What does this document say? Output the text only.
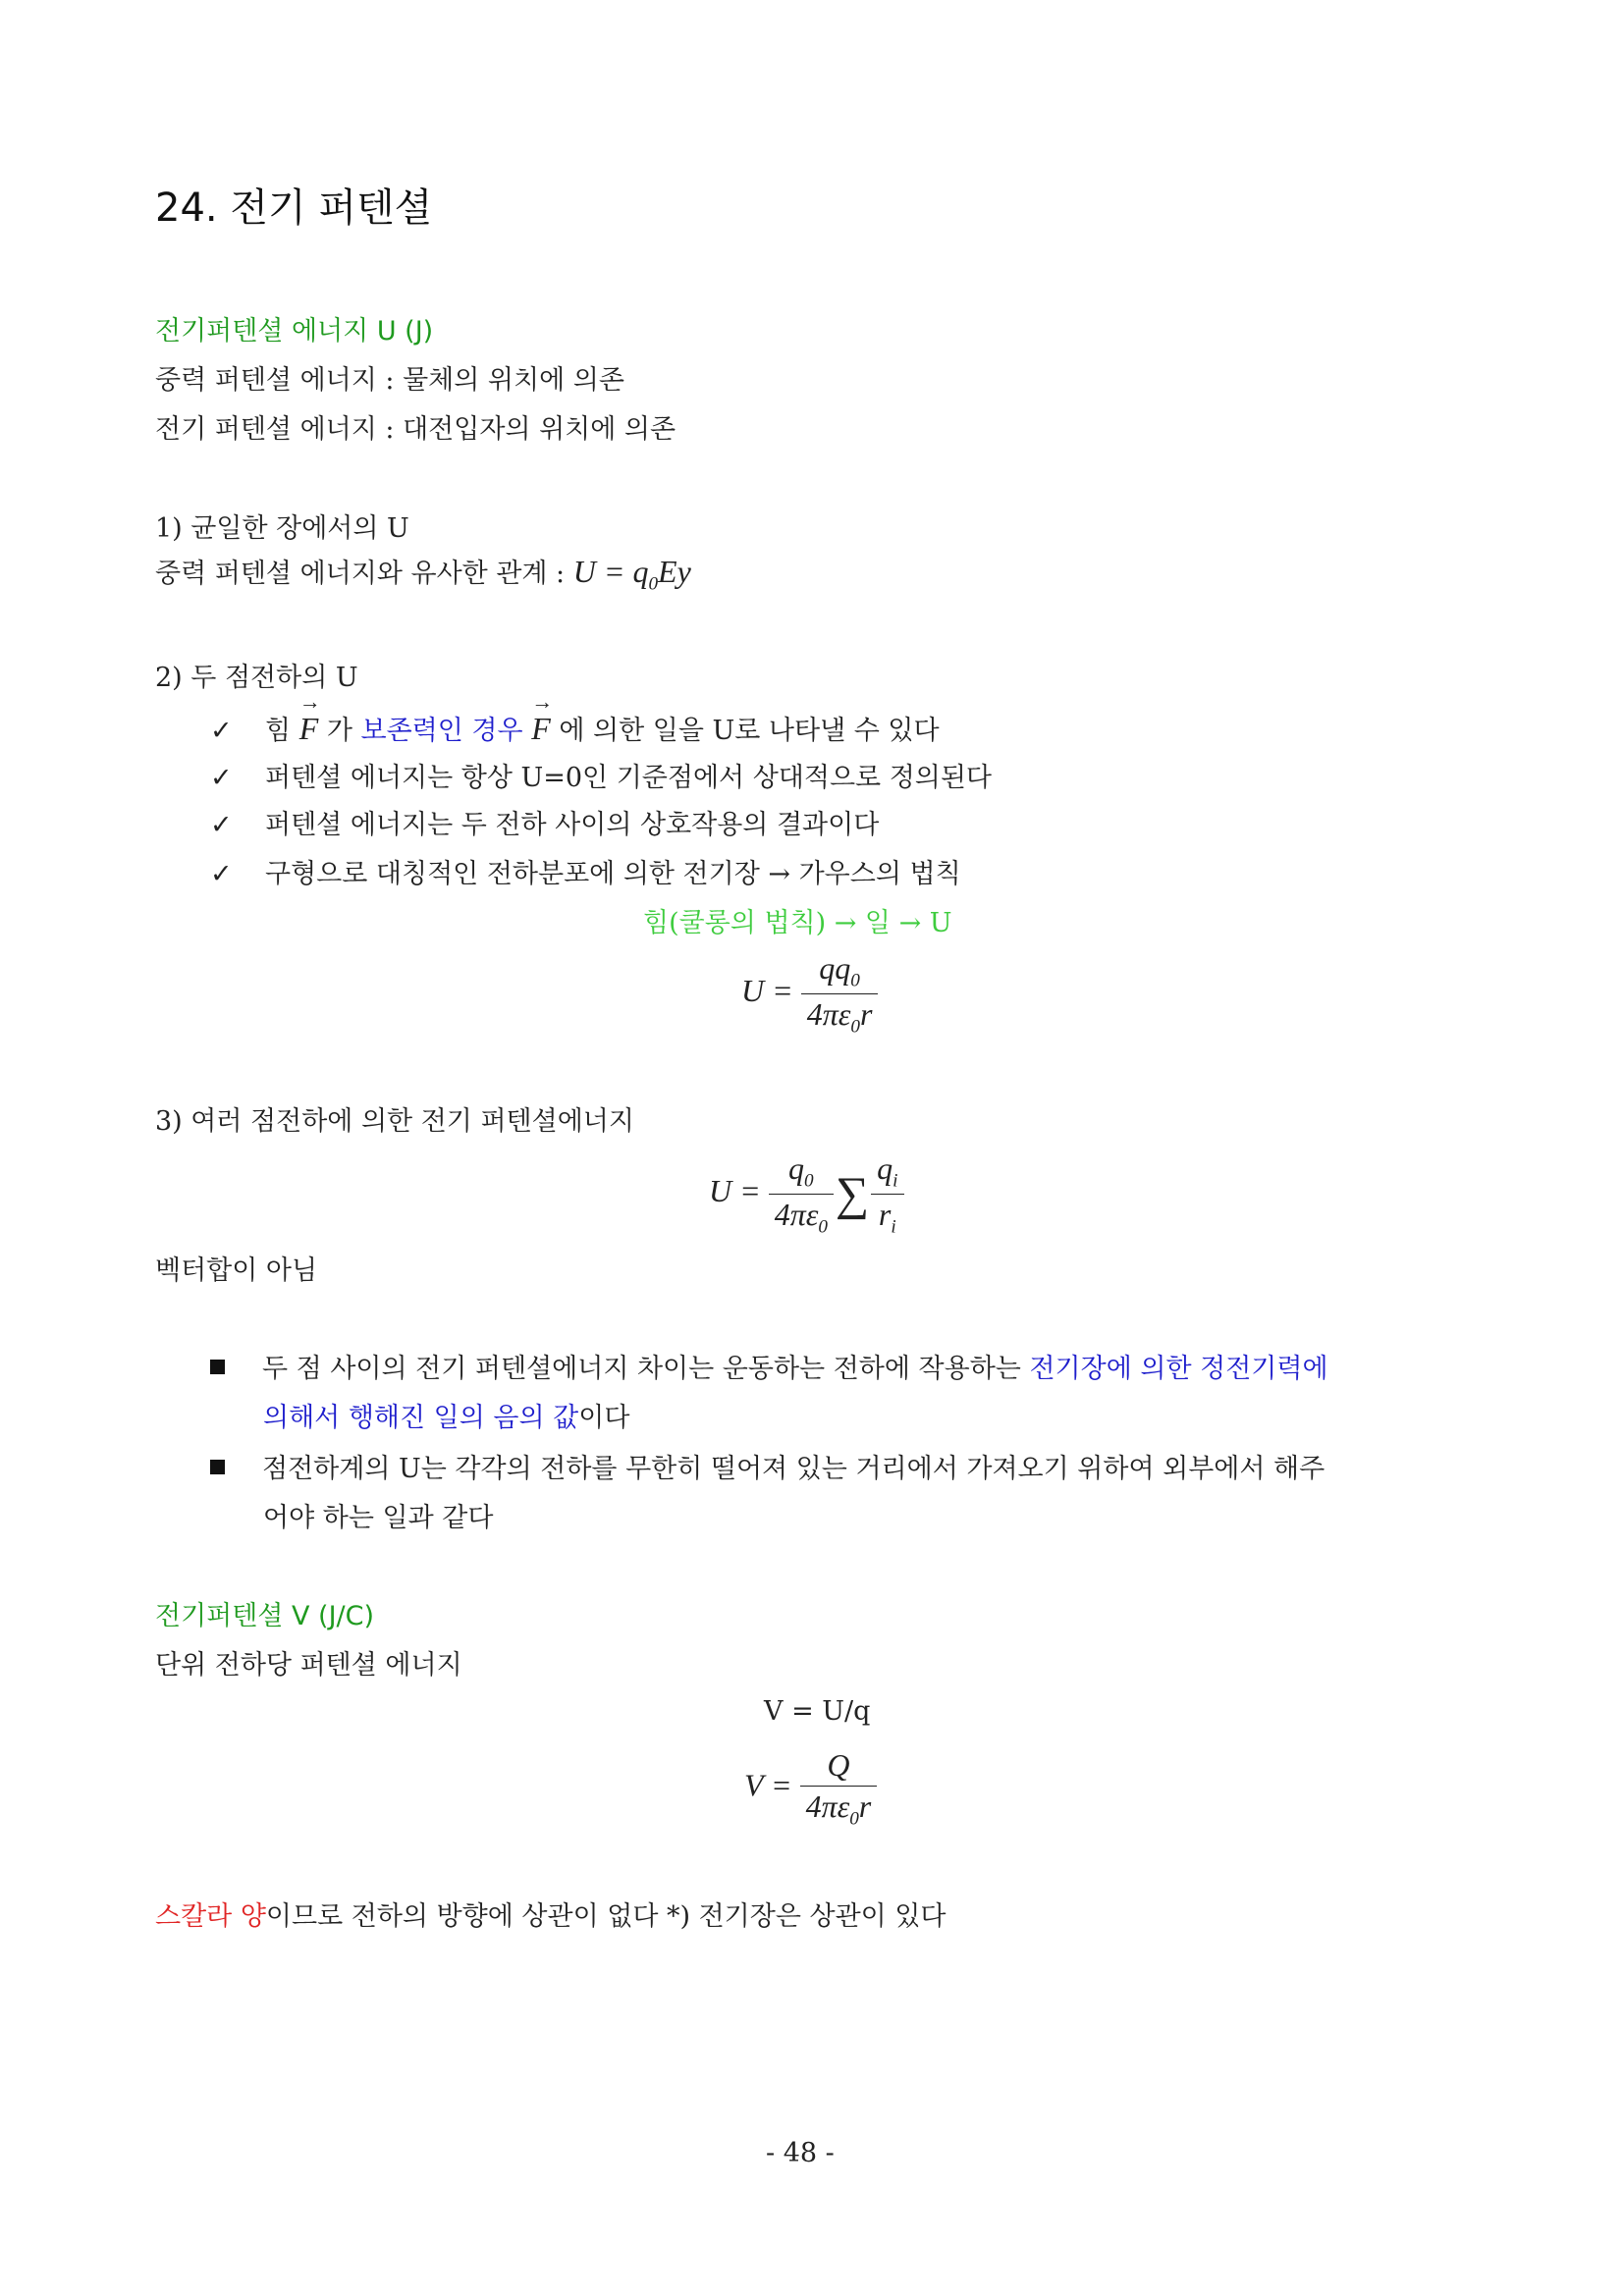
24. 전기 퍼텐셜
전기퍼텐셜 에너지 U (J)
중력 퍼텐셜 에너지 : 물체의 위치에 의존
전기 퍼텐셜 에너지 : 대전입자의 위치에 의존
1) 균일한 장에서의 U
중력 퍼텐셜 에너지와 유사한 관계 : $U = q_0Ey$
2) 두 점전하의 U
✓ 힘 → F 가 보존력인 경우 → F 에 의한 일을 U로 나타낼 수 있다
✓ 퍼텐셜 에너지는 항상 U=0인 기준점에서 상대적으로 정의된다
✓ 퍼텐셜 에너지는 두 전하 사이의 상호작용의 결과이다
✓ 구형으로 대칭적인 전하분포에 의한 전기장 → 가우스의 법칙
힘(쿨롱의 법칙) → 일 → U
$U = \frac{qq_0}{4\pi\varepsilon_0r}$
3) 여러 점전하에 의한 전기 퍼텐셜에너지
$U = \frac{q_0}{4\pi\varepsilon_0}$ ∑ $\frac{q_i}{r_i}$
벡터합이 아님
두 점 사이의 전기 퍼텐셜에너지 차이는 운동하는 전하에 작용하는 전기장에 의한 정전기력에
의해서 행해진 일의 음의 값이다
점전하계의 U는 각각의 전하를 무한히 떨어져 있는 거리에서 가져오기 위하여 외부에서 해주
어야 하는 일과 같다
전기퍼텐셜 V (J/C)
단위 전하당 퍼텐셜 에너지
V = U/q
$V = \frac{Q}{4\pi\varepsilon_0r}$
스칼라 양이므로 전하의 방향에 상관이 없다 *) 전기장은 상관이 있다
- 48 -
